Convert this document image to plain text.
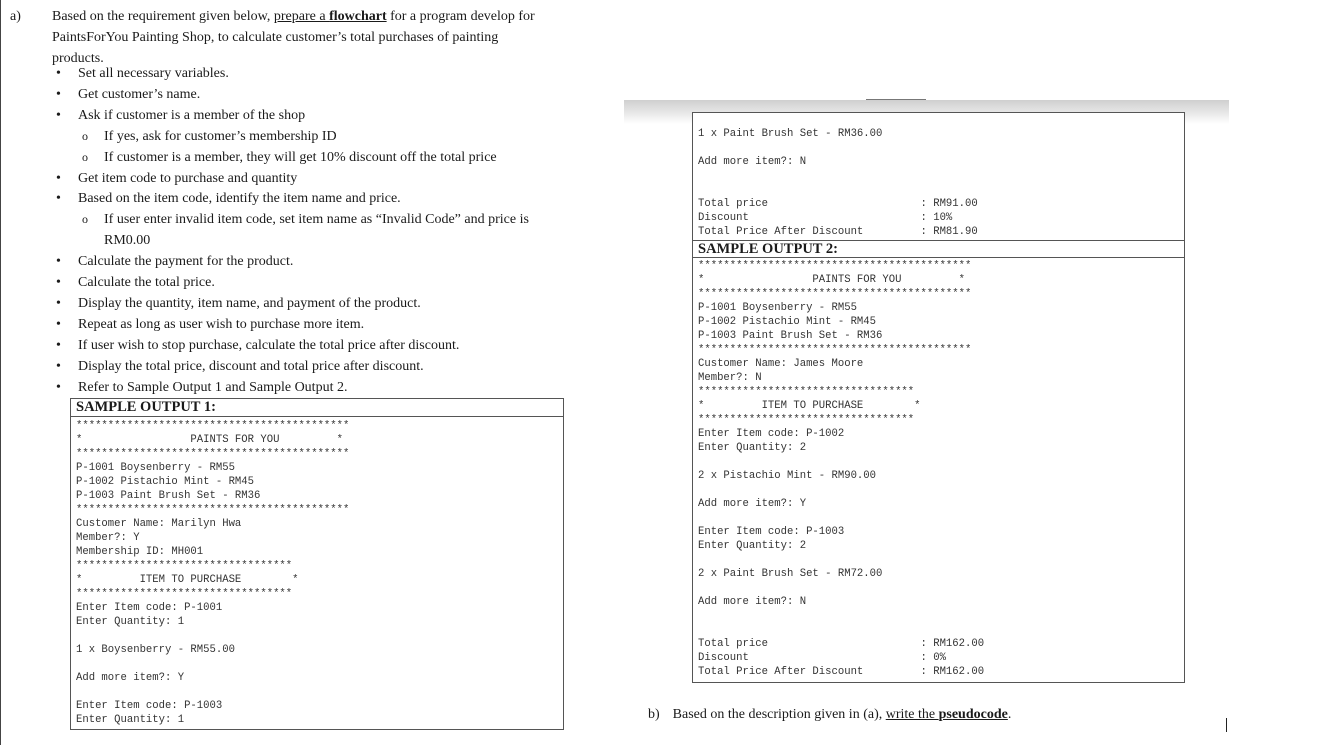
a) Based on the requirement given below, prepare a flowchart for a program develop for
PaintsForYou Painting Shop, to calculate customer’s total purchases of painting
products.
• Set all necessary variables.
• Get customer’s name.
• Ask if customer is a member of the shop
o If yes, ask for customer’s membership ID
o If customer is a member, they will get 10% discount off the total price
• Get item code to purchase and quantity
• Based on the item code, identify the item name and price.
o If user enter invalid item code, set item name as “Invalid Code” and price is
RM0.00
• Calculate the payment for the product.
• Calculate the total price.
• Display the quantity, item name, and payment of the product.
• Repeat as long as user wish to purchase more item.
• If user wish to stop purchase, calculate the total price after discount.
• Display the total price, discount and total price after discount.
• Refer to Sample Output 1 and Sample Output 2.
SAMPLE OUTPUT 1:
*******************************************
*                 PAINTS FOR YOU         *
*******************************************
P-1001 Boysenberry - RM55
P-1002 Pistachio Mint - RM45
P-1003 Paint Brush Set - RM36
*******************************************
Customer Name: Marilyn Hwa
Member?: Y
Membership ID: MH001
**********************************
*         ITEM TO PURCHASE        *
**********************************
Enter Item code: P-1001
Enter Quantity: 1
1 x Boysenberry - RM55.00
Add more item?: Y
Enter Item code: P-1003
Enter Quantity: 1
1 x Paint Brush Set - RM36.00
Add more item?: N
Total price                        : RM91.00
Discount                           : 10%
Total Price After Discount         : RM81.90
SAMPLE OUTPUT 2:
*******************************************
*                 PAINTS FOR YOU         *
*******************************************
P-1001 Boysenberry - RM55
P-1002 Pistachio Mint - RM45
P-1003 Paint Brush Set - RM36
*******************************************
Customer Name: James Moore
Member?: N
**********************************
*         ITEM TO PURCHASE        *
**********************************
Enter Item code: P-1002
Enter Quantity: 2
2 x Pistachio Mint - RM90.00
Add more item?: Y
Enter Item code: P-1003
Enter Quantity: 2
2 x Paint Brush Set - RM72.00
Add more item?: N
Total price                        : RM162.00
Discount                           : 0%
Total Price After Discount         : RM162.00
b) Based on the description given in (a), write the pseudocode.
